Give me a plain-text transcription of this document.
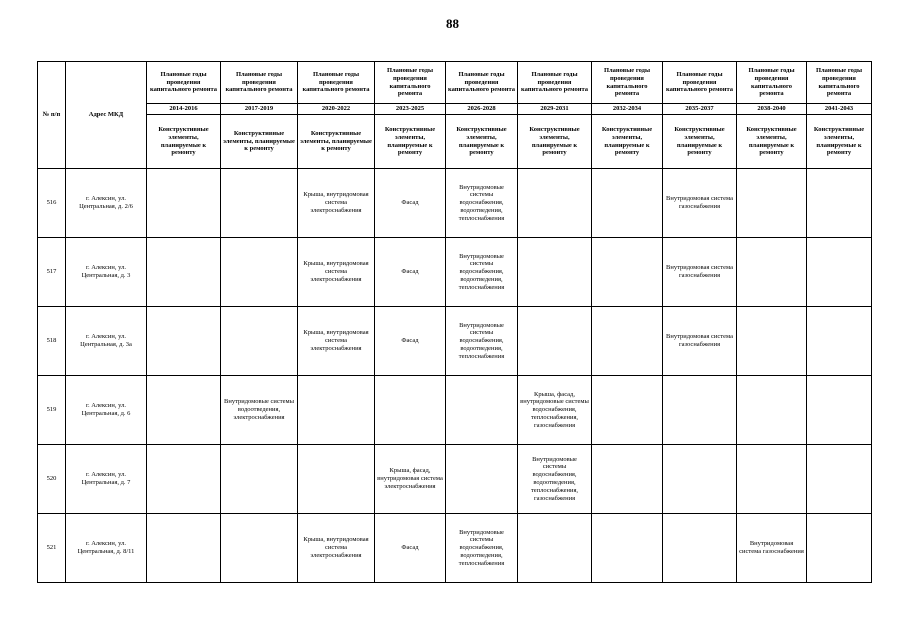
88
№ п/п	Адрес МКД	Плановые годы проведения капитального ремонта	Плановые годы проведения капитального ремонта	Плановые годы проведения капитального ремонта	Плановые годы проведения капитального ремонта	Плановые годы проведения капитального ремонта	Плановые годы проведения капитального ремонта	Плановые годы проведения капитального ремонта	Плановые годы проведения капитального ремонта	Плановые годы проведения капитального ремонта	Плановые годы проведения капитального ремонта
		2014-2016	2017-2019	2020-2022	2023-2025	2026-2028	2029-2031	2032-2034	2035-2037	2038-2040	2041-2043
		Конструктивные элементы, планируемые к ремонту	Конструктивные элементы, планируемые к ремонту	Конструктивные элементы, планируемые к ремонту	Конструктивные элементы, планируемые к ремонту	Конструктивные элементы, планируемые к ремонту	Конструктивные элементы, планируемые к ремонту	Конструктивные элементы, планируемые к ремонту	Конструктивные элементы, планируемые к ремонту	Конструктивные элементы, планируемые к ремонту	Конструктивные элементы, планируемые к ремонту
516	г. Алексин, ул. Центральная, д. 2/6			Крыша, внутридомовая система электроснабжения	Фасад	Внутридомовые системы водоснабжения, водоотведения, теплоснабжения			Внутридомовая система газоснабжения		
517	г. Алексин, ул. Центральная, д. 3			Крыша, внутридомовая система электроснабжения	Фасад	Внутридомовые системы водоснабжения, водоотведения, теплоснабжения			Внутридомовая система газоснабжения		
518	г. Алексин, ул. Центральная, д. 3а			Крыша, внутридомовая система электроснабжения	Фасад	Внутридомовые системы водоснабжения, водоотведения, теплоснабжения			Внутридомовая система газоснабжения		
519	г. Алексин, ул. Центральная, д. 6		Внутридомовые системы водоотведения, электроснабжения				Крыша, фасад, внутридомовые системы водоснабжения, теплоснабжения, газоснабжения				
520	г. Алексин, ул. Центральная, д. 7				Крыша, фасад, внутридомовая система электроснабжения		Внутридомовые системы водоснабжения, водоотведения, теплоснабжения, газоснабжения				
521	г. Алексин, ул. Центральная, д. 8/11			Крыша, внутридомовая система электроснабжения	Фасад	Внутридомовые системы водоснабжения, водоотведения, теплоснабжения				Внутридомовая система газоснабжения	
